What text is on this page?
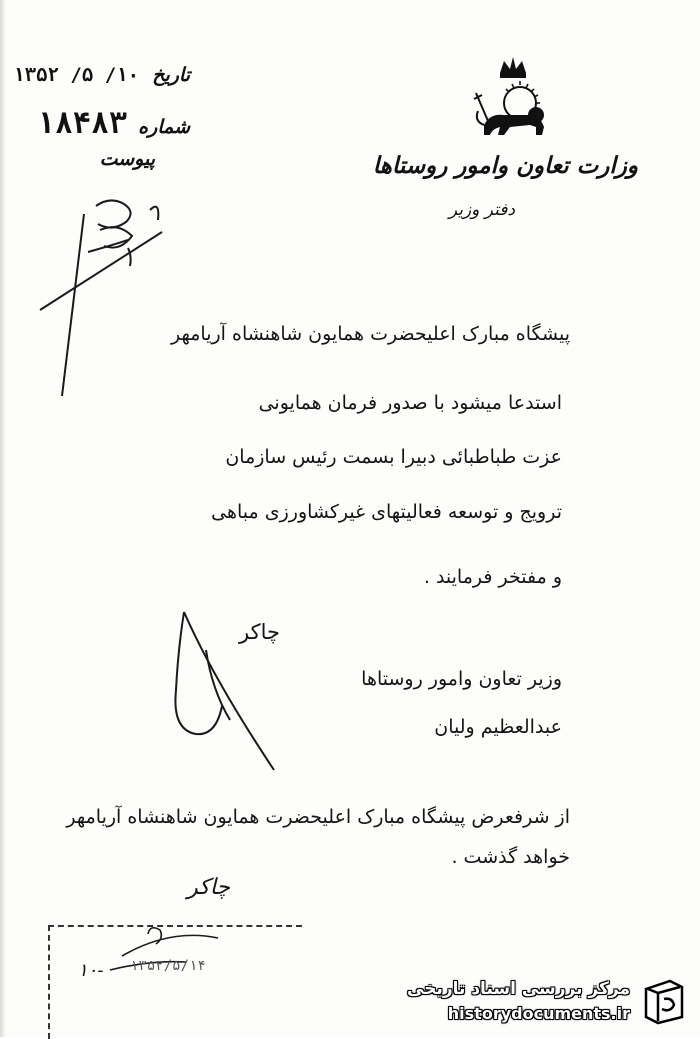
تاریخ ۱۰/ ۵/ ۱۳۵۲
شماره ۱۸۴۸۳
پیوست	وزارت تعاون وامور روستاها
دفتر وزیر
پیشگاه مبارک اعلیحضرت همایون شاهنشاه آریامهر
استدعا میشود با صدور فرمان همایونی
عزت طباطبائی دبیرا بسمت رئیس سازمان
ترویج و توسعه فعالیتهای غیرکشاورزی مباهی
و مفتخر فرمایند .
چاکر
وزیر تعاون وامور روستاها
عبدالعظیم ولیان
از شرفعرض پیشگاه مبارک اعلیحضرت همایون شاهنشاه آریامهر
خواهد گذشت .
چاکر
۱۰- ۱۳۵۲/۵/۱۴
مرکز بررسی اسناد تاریخی
historydocuments.ir
